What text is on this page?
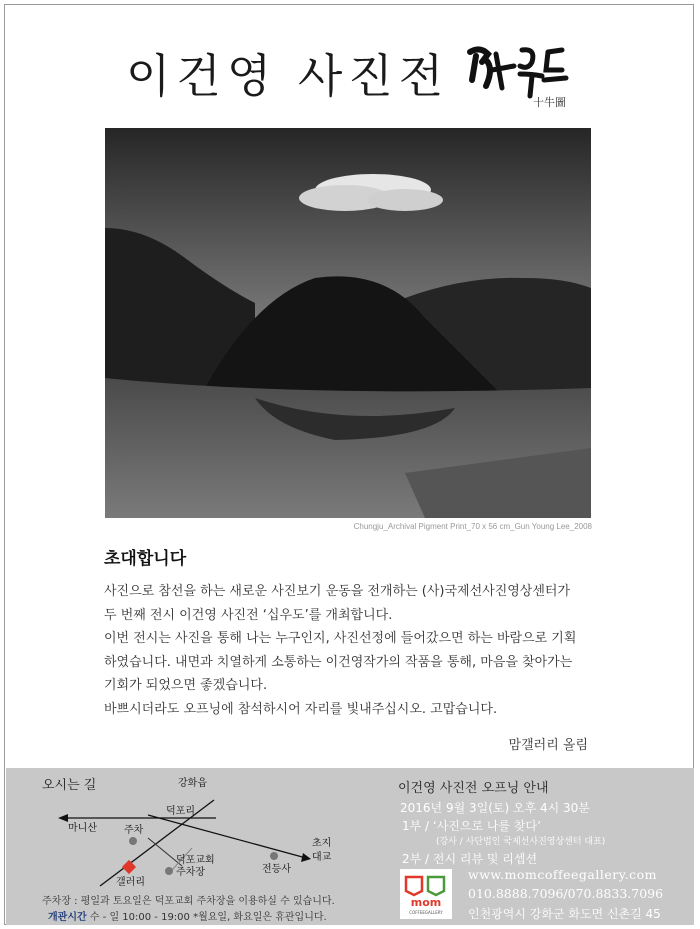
이건영 사진전	十牛圖
Chungju_Archival Pigment Print_70 x 56 cm_Gun Young Lee_2008
초대합니다

사진으로 참선을 하는 새로운 사진보기 운동을 전개하는 (사)국제선사진영상센터가

두 번째 전시 이건영 사진전 ‘십우도’를 개최합니다.

이번 전시는 사진을 통해 나는 누구인지, 사진선정에 들어갔으면 하는 바람으로 기획

하였습니다. 내면과 치열하게 소통하는 이건영작가의 작품을 통해, 마음을 찾아가는

기회가 되었으면 좋겠습니다.

바쁘시더라도 오프닝에 참석하시어 자리를 빛내주십시오. 고맙습니다.

맘갤러리 올림
오시는 길	강화읍
덕포리
마니산	주차
초지
대교
전등사
덕포교회
주차장
갤러리
주차장 : 평일과 토요일은 덕포교회 주차장을 이용하실 수 있습니다.
개관시간 수 - 일 10:00 - 19:00 *월요일, 화요일은 휴관입니다.
이건영 사진전 오프닝 안내
2016년 9월 3일(토) 오후 4시 30분
1부 / ‘사진으로 나를 찾다’
(강사 / 사단법인 국제선사진영상센터 대표)
2부 / 전시 리뷰 및 리셉션
mom
COFFEEGALLERY
www.momcoffeegallery.com
010.8888.7096/070.8833.7096
인천광역시 강화군 화도면 신촌길 45
